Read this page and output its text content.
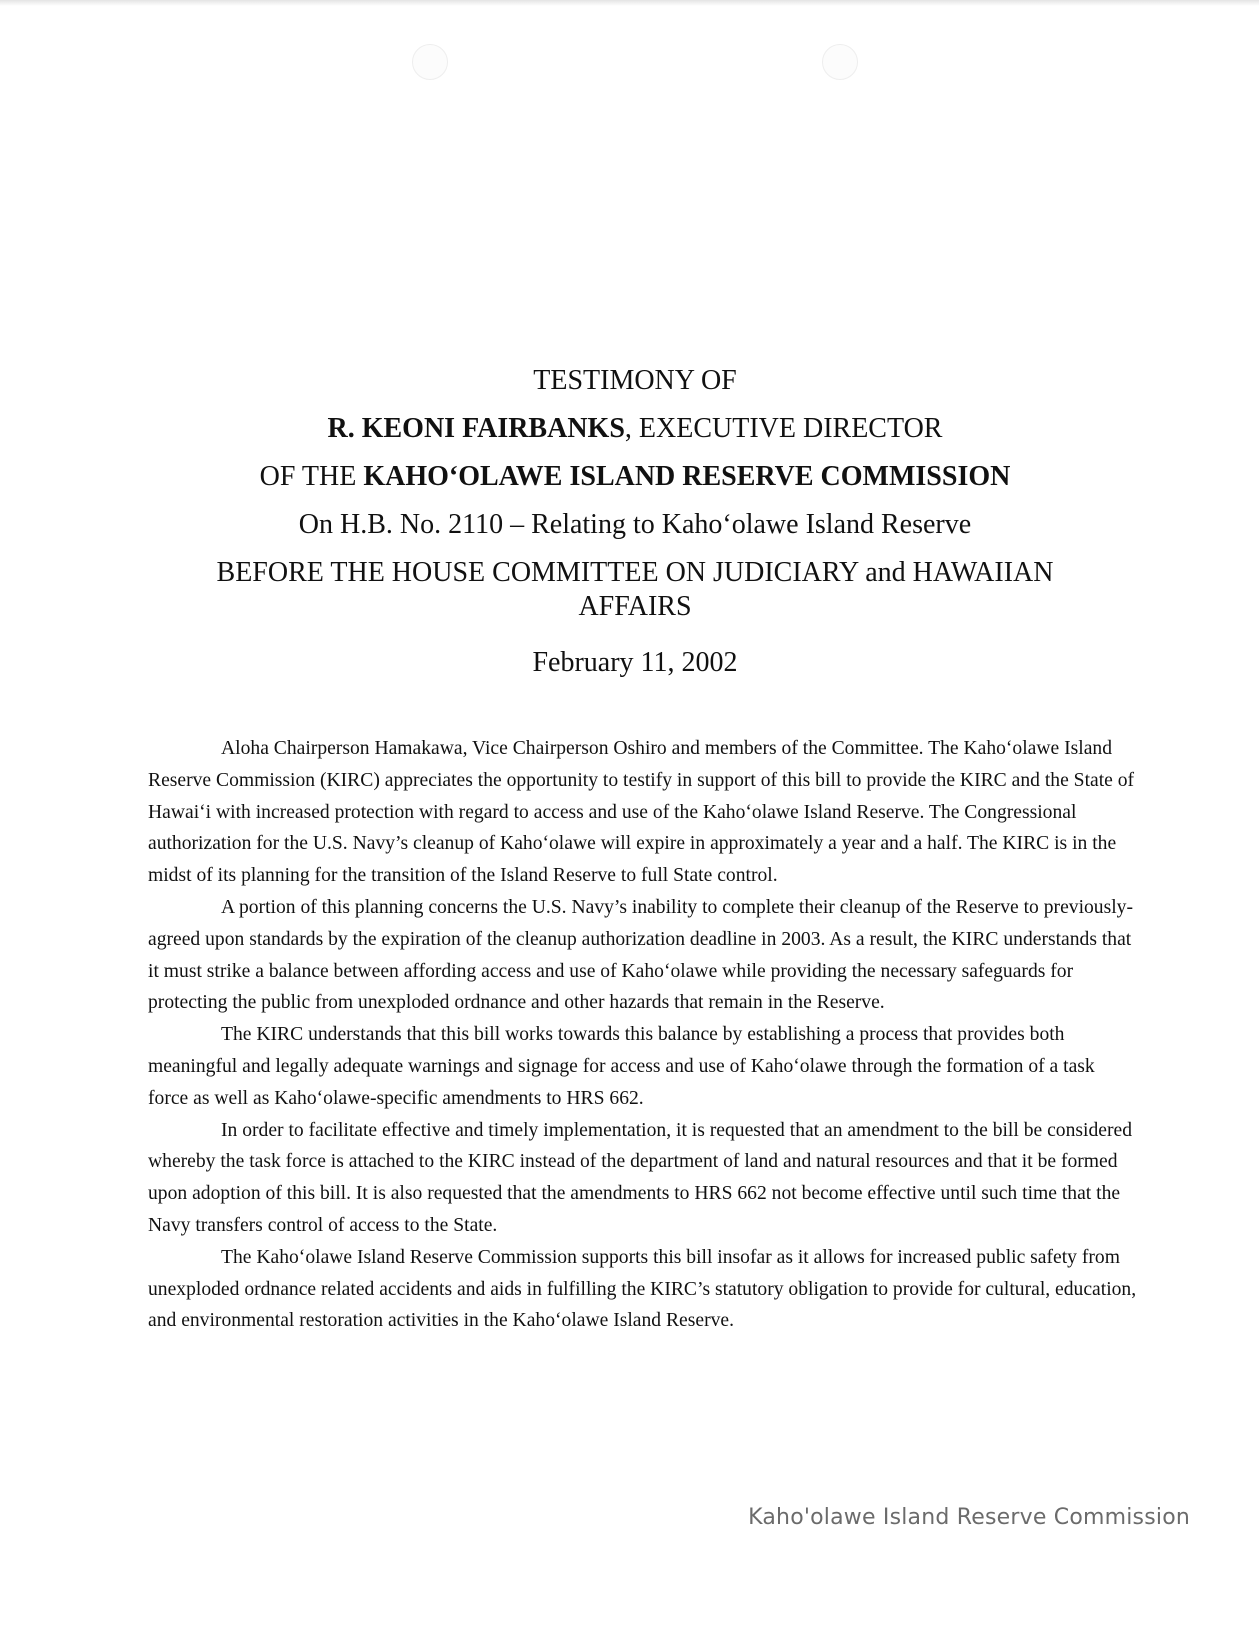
TESTIMONY OF

R. KEONI FAIRBANKS, EXECUTIVE DIRECTOR

OF THE KAHO‘OLAWE ISLAND RESERVE COMMISSION

On H.B. No. 2110 – Relating to Kaho‘olawe Island Reserve

BEFORE THE HOUSE COMMITTEE ON JUDICIARY and HAWAIIAN
AFFAIRS

February 11, 2002

Aloha Chairperson Hamakawa, Vice Chairperson Oshiro and members of the Committee. The Kaho‘olawe Island Reserve Commission (KIRC) appreciates the opportunity to testify in support of this bill to provide the KIRC and the State of Hawai‘i with increased protection with regard to access and use of the Kaho‘olawe Island Reserve. The Congressional authorization for the U.S. Navy’s cleanup of Kaho‘olawe will expire in approximately a year and a half. The KIRC is in the midst of its planning for the transition of the Island Reserve to full State control.

A portion of this planning concerns the U.S. Navy’s inability to complete their cleanup of the Reserve to previously-agreed upon standards by the expiration of the cleanup authorization deadline in 2003. As a result, the KIRC understands that it must strike a balance between affording access and use of Kaho‘olawe while providing the necessary safeguards for protecting the public from unexploded ordnance and other hazards that remain in the Reserve.

The KIRC understands that this bill works towards this balance by establishing a process that provides both meaningful and legally adequate warnings and signage for access and use of Kaho‘olawe through the formation of a task force as well as Kaho‘olawe-specific amendments to HRS 662.

In order to facilitate effective and timely implementation, it is requested that an amendment to the bill be considered whereby the task force is attached to the KIRC instead of the department of land and natural resources and that it be formed upon adoption of this bill. It is also requested that the amendments to HRS 662 not become effective until such time that the Navy transfers control of access to the State.

The Kaho‘olawe Island Reserve Commission supports this bill insofar as it allows for increased public safety from unexploded ordnance related accidents and aids in fulfilling the KIRC’s statutory obligation to provide for cultural, education, and environmental restoration activities in the Kaho‘olawe Island Reserve.

Kaho'olawe Island Reserve Commission
